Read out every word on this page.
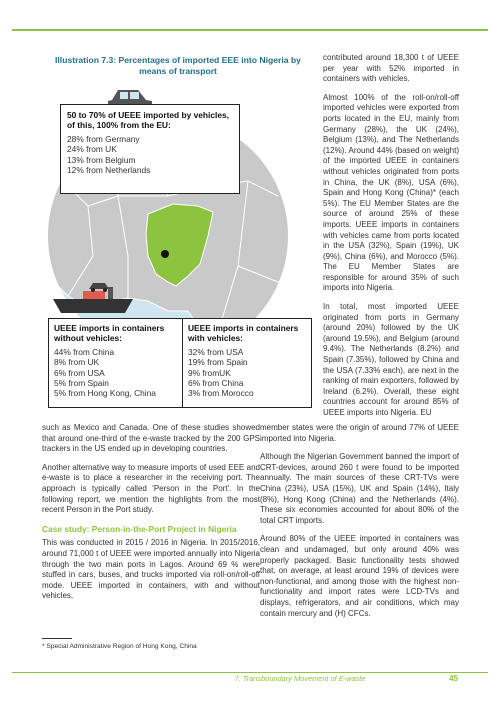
Illustration 7.3: Percentages of imported EEE into Nigeria by means of transport
50 to 70% of UEEE imported by vehicles, of this, 100% from the EU:
28% from Germany
24% from UK
13% from Belgium
12% from Netherlands
UEEE imports in containers without vehicles:
44% from China
8% from UK
6% from USA
5% from Spain
5% from Hong Kong, China
UEEE imports in containers with vehicles:
32% from USA
19% from Spain
9% fromUK
6% from China
3% from Morocco

contributed around 18,300 t of UEEE per year with 52% imported in containers with vehicles.

Almost 100% of the roll-on/roll-off imported vehicles were exported from ports located in the EU, mainly from Germany (28%), the UK (24%), Belgium (13%), and The Netherlands (12%). Around 44% (based on weight) of the imported UEEE in containers without vehicles originated from ports in China, the UK (8%), USA (6%), Spain and Hong Kong (China)* (each 5%). The EU Member States are the source of around 25% of these imports. UEEE imports in containers with vehicles came from ports located in the USA (32%), Spain (19%), UK (9%), China (6%), and Morocco (5%). The EU Member States are responsible for around 35% of such imports into Nigeria.

In total, most imported UEEE originated from ports in Germany (around 20%) followed by the UK (around 19.5%), and Belgium (around 9.4%). The Netherlands (8.2%) and Spain (7.35%), followed by China and the USA (7.33% each), are next in the ranking of main exporters, followed by Ireland (6.2%). Overall, these eight countries account for around 85% of UEEE imports into Nigeria. EU

such as Mexico and Canada. One of these studies showed that around one-third of the e-waste tracked by the 200 GPS trackers in the US ended up in developing countries.

Another alternative way to measure imports of used EEE and e-waste is to place a researcher in the receiving port. The approach is typically called 'Person in the Port'. In the following report, we mention the highlights from the most recent Person in the Port study.

Case study: Person-in-the-Port Project in Nigeria

This was conducted in 2015 / 2016 in Nigeria. In 2015/2016, around 71,000 t of UEEE were imported annually into Nigeria through the two main ports in Lagos. Around 69 % were stuffed in cars, buses, and trucks imported via roll-on/roll-off mode. UEEE imported in containers, with and without vehicles,

member states were the origin of around 77% of UEEE imported into Nigeria.

Although the Nigerian Government banned the import of CRT-devices, around 260 t were found to be imported annually. The main sources of these CRT-TVs were China (23%), USA (15%), UK and Spain (14%), Italy (8%), Hong Kong (China) and the Netherlands (4%). These six economies accounted for about 80% of the total CRT imports.

Around 80% of the UEEE imported in containers was clean and undamaged, but only around 40% was properly packaged. Basic functionality tests showed that, on average, at least around 19% of devices were non-functional, and among those with the highest non-functionality and import rates were LCD-TVs and displays, refrigerators, and air conditions, which may contain mercury and (H) CFCs.

* Special Administrative Region of Hong Kong, China
7. Transboundary Movement of E-waste	45
